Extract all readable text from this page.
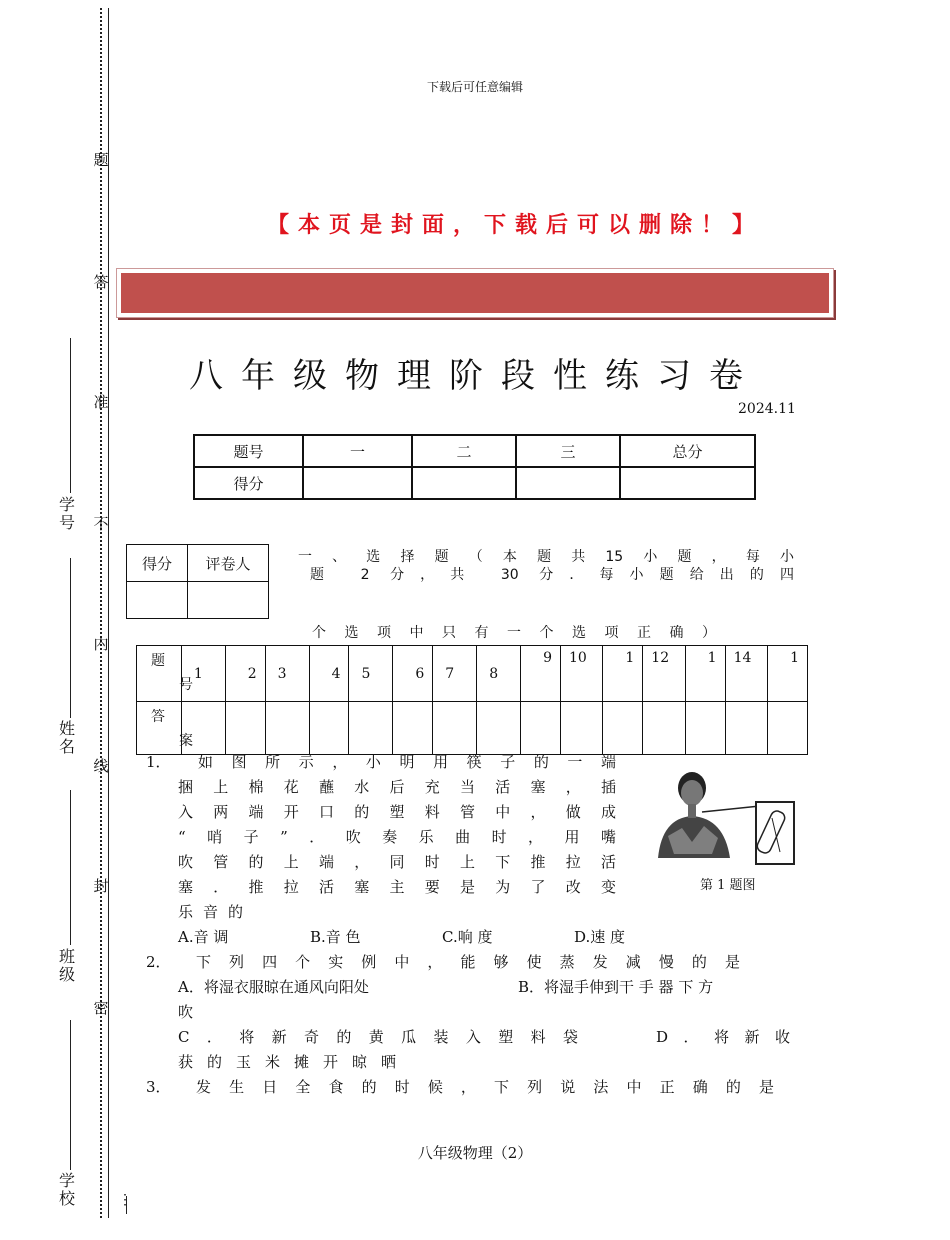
题
答
准
不
内
线
封
密
学号
姓名
班级
学校	⋮
下载后可任意编辑
【本页是封面，下载后可以删除！】
八年级物理阶段性练习卷
2024.11
题号	一	二	三	总分
得分				
得分	评卷人
		一、选择题（本题共15小题，每小
题 2 分，共 30 分．每小题给出的四
个选项中只有一个选项正确）
题
号	1	2	3	4	5	6	7	8	9	10	1	12	1	14	1

答
案															

1．	如图所示，小明用筷子的一端
捆上棉花蘸水后充当活塞，插
入两端开口的塑料管中，做成
“哨子”．吹奏乐曲时，用嘴
吹管的上端，同时上下推拉活
塞．推拉活塞主要是为了改变
乐音的
A.音 调	B.音 色	C.响 度	D.速 度
第 1 题图
2． 下列四个实例中，能够使蒸发减慢的是
A．将湿衣服晾在通风向阳处	B．将湿手伸到干 手 器 下 方
吹
C．将新奇的黄瓜装入塑料袋	D．将新收
获的玉米摊开晾晒
3． 发生日全食的时候，下列说法中正确的是
八年级物理（2）
